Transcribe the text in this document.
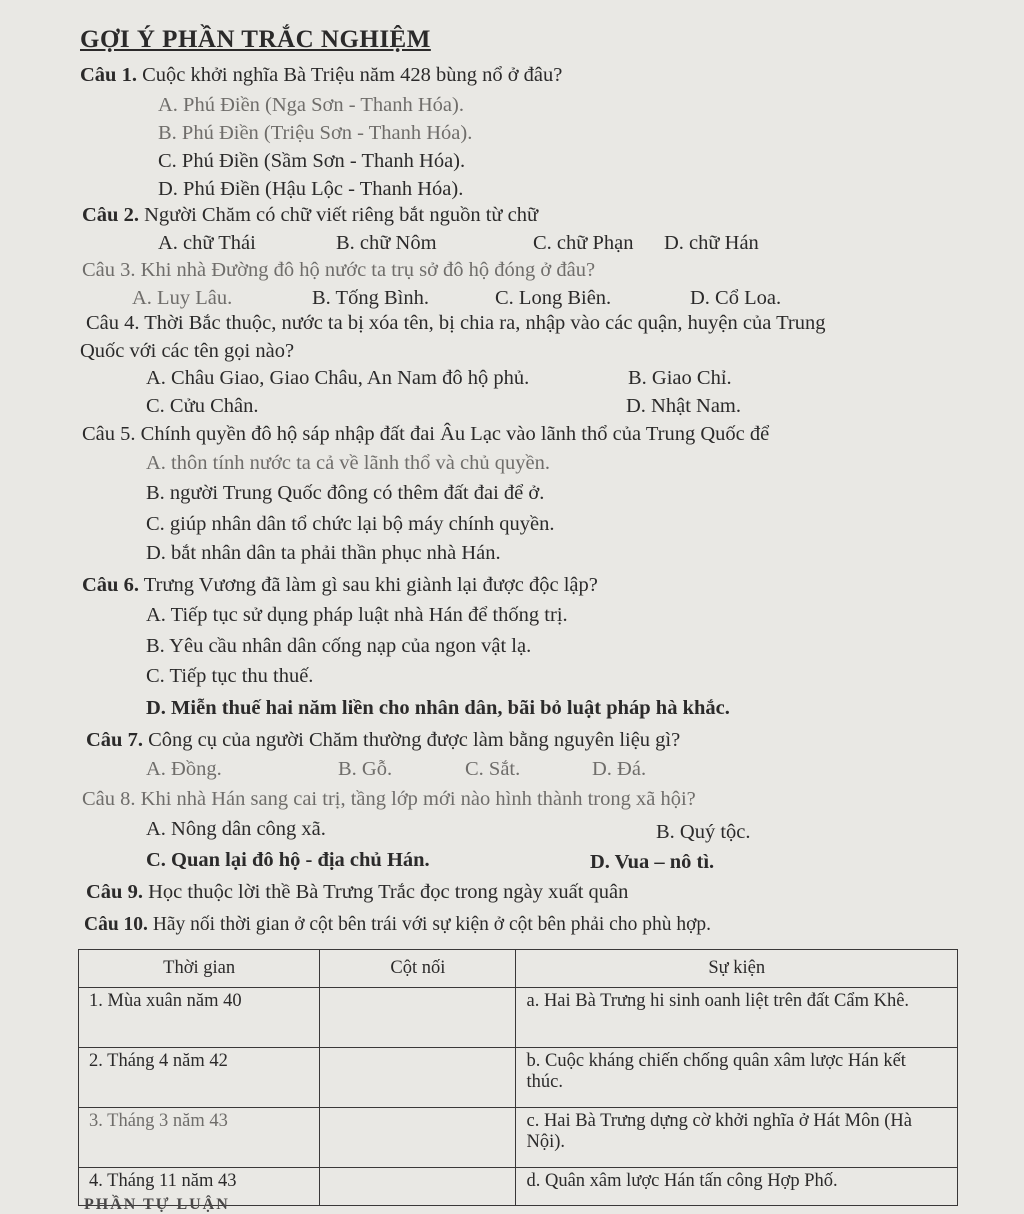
GỢI Ý PHẦN TRẮC NGHIỆM
Câu 1. Cuộc khởi nghĩa Bà Triệu năm 428 bùng nổ ở đâu?
A. Phú Điền (Nga Sơn - Thanh Hóa).
B. Phú Điền (Triệu Sơn - Thanh Hóa).
C. Phú Điền (Sầm Sơn - Thanh Hóa).
D. Phú Điền (Hậu Lộc - Thanh Hóa).
Câu 2. Người Chăm có chữ viết riêng bắt nguồn từ chữ
A. chữ Thái	B. chữ Nôm	C. chữ Phạn D. chữ Hán
Câu 3. Khi nhà Đường đô hộ nước ta trụ sở đô hộ đóng ở đâu?
A. Luy Lâu.	B. Tống Bình.	C. Long Biên.	D. Cổ Loa.
Câu 4. Thời Bắc thuộc, nước ta bị xóa tên, bị chia ra, nhập vào các quận, huyện của Trung
Quốc với các tên gọi nào?
A. Châu Giao, Giao Châu, An Nam đô hộ phủ.	B. Giao Chỉ.
C. Cửu Chân.	D. Nhật Nam.
Câu 5. Chính quyền đô hộ sáp nhập đất đai Âu Lạc vào lãnh thổ của Trung Quốc để
A. thôn tính nước ta cả về lãnh thổ và chủ quyền.
B. người Trung Quốc đông có thêm đất đai để ở.
C. giúp nhân dân tổ chức lại bộ máy chính quyền.
D. bắt nhân dân ta phải thần phục nhà Hán.
Câu 6. Trưng Vương đã làm gì sau khi giành lại được độc lập?
A. Tiếp tục sử dụng pháp luật nhà Hán để thống trị.
B. Yêu cầu nhân dân cống nạp của ngon vật lạ.
C. Tiếp tục thu thuế.
D. Miễn thuế hai năm liền cho nhân dân, bãi bỏ luật pháp hà khắc.
Câu 7. Công cụ của người Chăm thường được làm bằng nguyên liệu gì?
A. Đồng.	B. Gỗ.	C. Sắt.	D. Đá.
Câu 8. Khi nhà Hán sang cai trị, tầng lớp mới nào hình thành trong xã hội?
A. Nông dân công xã.	B. Quý tộc.
C. Quan lại đô hộ - địa chủ Hán.	D. Vua – nô tì.
Câu 9. Học thuộc lời thề Bà Trưng Trắc đọc trong ngày xuất quân
Câu 10. Hãy nối thời gian ở cột bên trái với sự kiện ở cột bên phải cho phù hợp.
Thời gian	Cột nối	Sự kiện
1. Mùa xuân năm 40		a. Hai Bà Trưng hi sinh oanh liệt trên đất Cẩm Khê.
2. Tháng 4 năm 42		b. Cuộc kháng chiến chống quân xâm lược Hán kết thúc.
3. Tháng 3 năm 43		c. Hai Bà Trưng dựng cờ khởi nghĩa ở Hát Môn (Hà Nội).
4. Tháng 11 năm 43		d. Quân xâm lược Hán tấn công Hợp Phố.
PHẦN TỰ LUẬN
